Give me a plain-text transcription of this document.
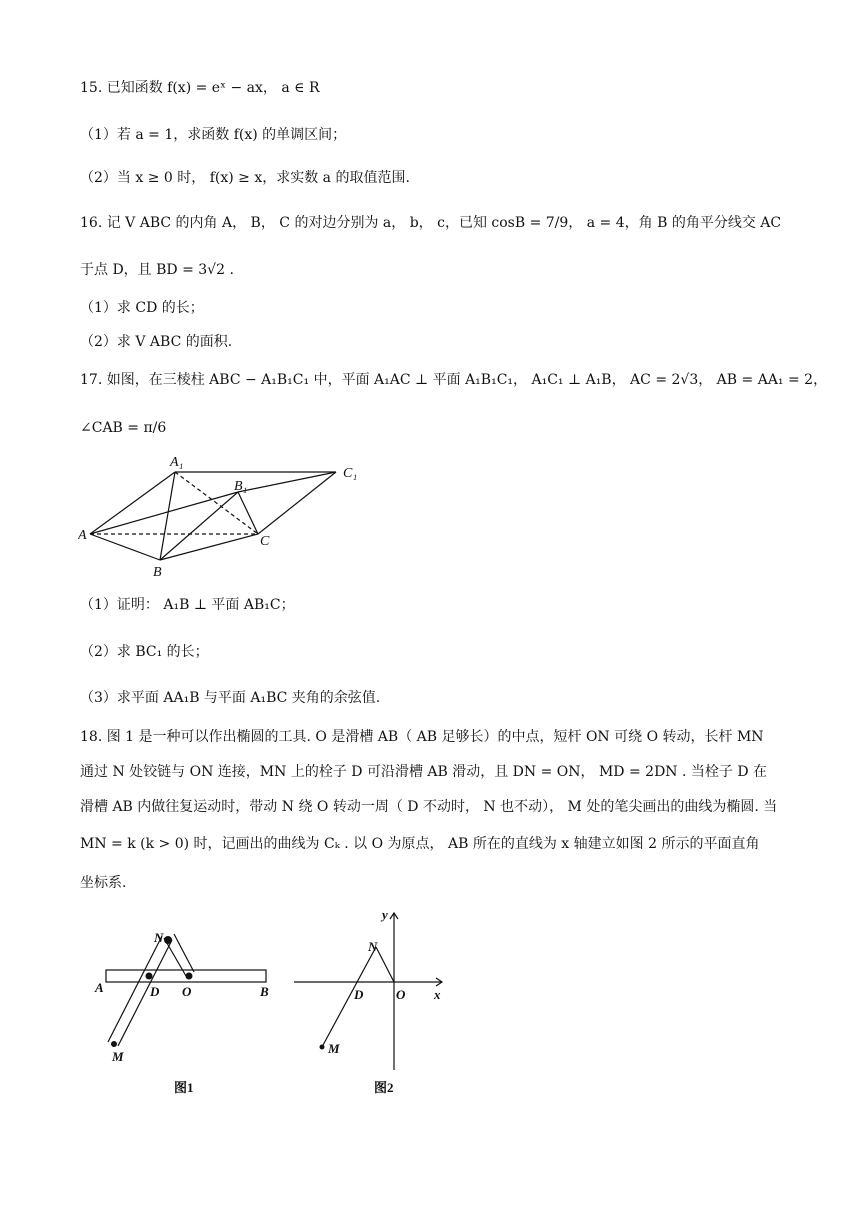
15. 已知函数 f(x) = eˣ − ax， a ∈ R
（1）若 a = 1，求函数 f(x) 的单调区间；
（2）当 x ≥ 0 时， f(x) ≥ x，求实数 a 的取值范围.
16. 记 V ABC 的内角 A， B， C 的对边分别为 a， b， c，已知 cosB = 7/9， a = 4，角 B 的角平分线交 AC
于点 D，且 BD = 3√2 .
（1）求 CD 的长；
（2）求 V ABC 的面积.
17. 如图，在三棱柱 ABC − A₁B₁C₁ 中，平面 A₁AC ⊥ 平面 A₁B₁C₁， A₁C₁ ⊥ A₁B， AC = 2√3， AB = AA₁ = 2，
∠CAB = π/6
A₁
C₁
B₁
A
B
C
（1）证明： A₁B ⊥ 平面 AB₁C；
（2）求 BC₁ 的长；
（3）求平面 AA₁B 与平面 A₁BC 夹角的余弦值.
18. 图 1 是一种可以作出椭圆的工具. O 是滑槽 AB（ AB 足够长）的中点，短杆 ON 可绕 O 转动，长杆 MN
通过 N 处铰链与 ON 连接，MN 上的栓子 D 可沿滑槽 AB 滑动，且 DN = ON， MD = 2DN . 当栓子 D 在
滑槽 AB 内做往复运动时，带动 N 绕 O 转动一周（ D 不动时， N 也不动）， M 处的笔尖画出的曲线为椭圆. 当
MN = k (k > 0) 时，记画出的曲线为 Cₖ . 以 O 为原点， AB 所在的直线为 x 轴建立如图 2 所示的平面直角
坐标系.
N
A	D O	B
M
图1
y
N
D	O x
M
图2
